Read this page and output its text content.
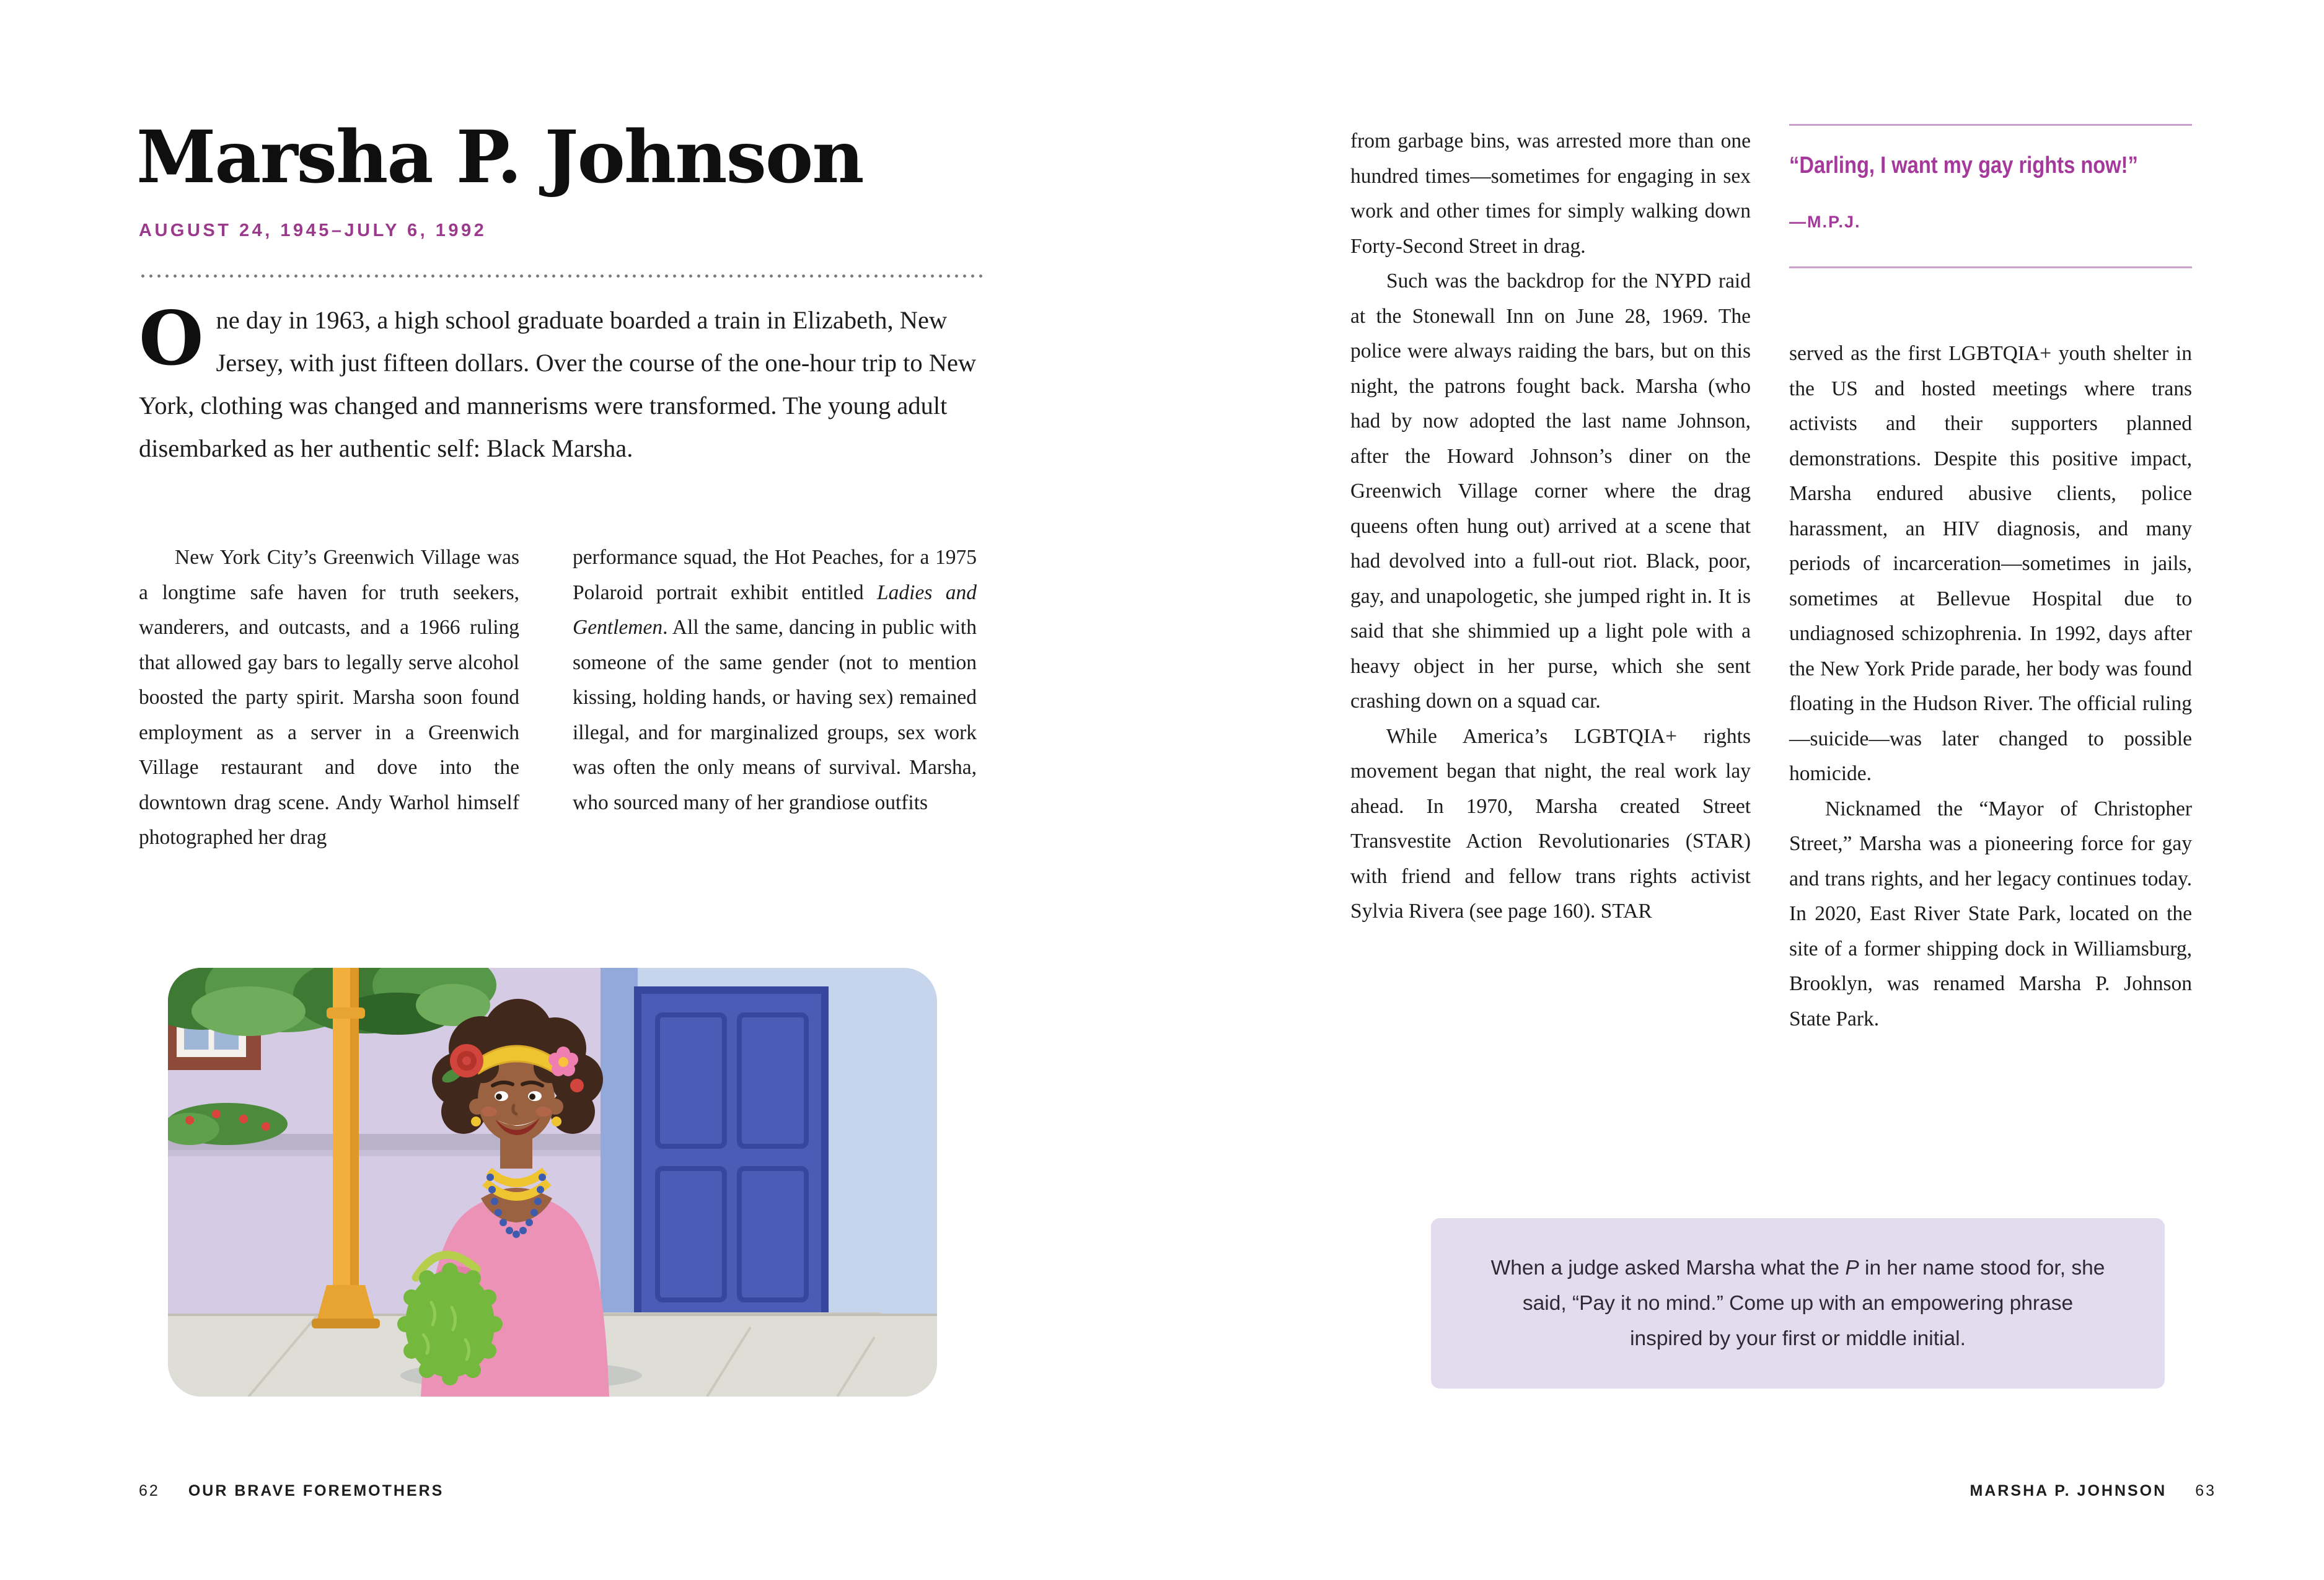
Marsha P. Johnson
AUGUST 24, 1945–JULY 6, 1992

One day in 1963, a high school graduate boarded a train in Elizabeth, New Jersey, with just fifteen dollars. Over the course of the one-hour trip to New York, clothing was changed and mannerisms were transformed. The young adult disembarked as her authentic self: Black Marsha.

New York City’s Greenwich Village was a longtime safe haven for truth seekers, wanderers, and outcasts, and a 1966 ruling that allowed gay bars to legally serve alcohol boosted the party spirit. Marsha soon found employment as a server in a Greenwich Village restaurant and dove into the downtown drag scene. Andy Warhol himself photographed her drag

performance squad, the Hot Peaches, for a 1975 Polaroid portrait exhibit entitled Ladies and Gentlemen. All the same, dancing in public with someone of the same gender (not to mention kissing, holding hands, or having sex) remained illegal, and for marginalized groups, sex work was often the only means of survival. Marsha, who sourced many of her grandiose outfits

62 OUR BRAVE FOREMOTHERS

from garbage bins, was arrested more than one hundred times—sometimes for engaging in sex work and other times for simply walking down Forty-Second Street in drag.

Such was the backdrop for the NYPD raid at the Stonewall Inn on June 28, 1969. The police were always raiding the bars, but on this night, the patrons fought back. Marsha (who had by now adopted the last name Johnson, after the Howard Johnson’s diner on the Greenwich Village corner where the drag queens often hung out) arrived at a scene that had devolved into a full-out riot. Black, poor, gay, and unapologetic, she jumped right in. It is said that she shimmied up a light pole with a heavy object in her purse, which she sent crashing down on a squad car.

While America’s LGBTQIA+ rights movement began that night, the real work lay ahead. In 1970, Marsha created Street Transvestite Action Revolutionaries (STAR) with friend and fellow trans rights activist Sylvia Rivera (see page 160). STAR

“Darling, I want my gay rights now!”
—M.P.J.

served as the first LGBTQIA+ youth shelter in the US and hosted meetings where trans activists and their supporters planned demonstrations. Despite this positive impact, Marsha endured abusive clients, police harassment, an HIV diagnosis, and many periods of incarceration—sometimes in jails, sometimes at Bellevue Hospital due to undiagnosed schizophrenia. In 1992, days after the New York Pride parade, her body was found floating in the Hudson River. The official ruling—suicide—was later changed to possible homicide.

Nicknamed the “Mayor of Christopher Street,” Marsha was a pioneering force for gay and trans rights, and her legacy continues today. In 2020, East River State Park, located on the site of a former shipping dock in Williamsburg, Brooklyn, was renamed Marsha P. Johnson State Park.

When a judge asked Marsha what the P in her name stood for, she said, “Pay it no mind.” Come up with an empowering phrase inspired by your first or middle initial.

MARSHA P. JOHNSON 63
